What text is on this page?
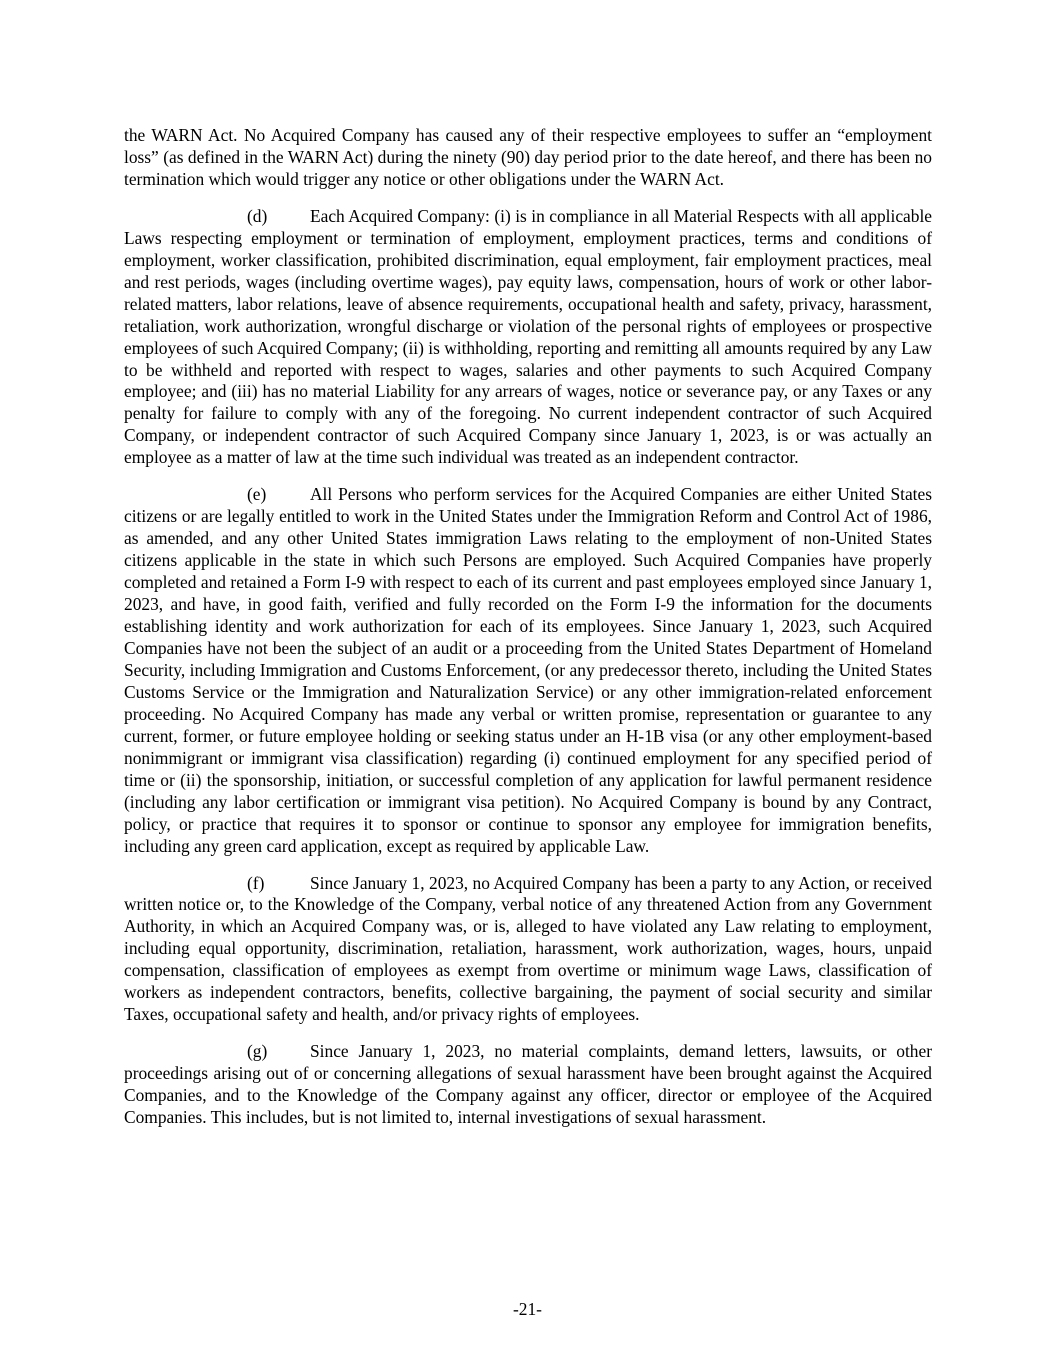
the WARN Act. No Acquired Company has caused any of their respective employees to suffer an “employment loss” (as defined in the WARN Act) during the ninety (90) day period prior to the date hereof, and there has been no termination which would trigger any notice or other obligations under the WARN Act.

(d) Each Acquired Company: (i) is in compliance in all Material Respects with all applicable Laws respecting employment or termination of employment, employment practices, terms and conditions of employment, worker classification, prohibited discrimination, equal employment, fair employment practices, meal and rest periods, wages (including overtime wages), pay equity laws, compensation, hours of work or other labor-related matters, labor relations, leave of absence requirements, occupational health and safety, privacy, harassment, retaliation, work authorization, wrongful discharge or violation of the personal rights of employees or prospective employees of such Acquired Company; (ii) is withholding, reporting and remitting all amounts required by any Law to be withheld and reported with respect to wages, salaries and other payments to such Acquired Company employee; and (iii) has no material Liability for any arrears of wages, notice or severance pay, or any Taxes or any penalty for failure to comply with any of the foregoing. No current independent contractor of such Acquired Company, or independent contractor of such Acquired Company since January 1, 2023, is or was actually an employee as a matter of law at the time such individual was treated as an independent contractor.

(e)	All Persons who perform services for the Acquired Companies are either United States citizens or are legally entitled to work in the United States under the Immigration Reform and Control Act of 1986, as amended, and any other United States immigration Laws relating to the employment of non-United States citizens applicable in the state in which such Persons are employed. Such Acquired Companies have properly completed and retained a Form I-9 with respect to each of its current and past employees employed since January 1, 2023, and have, in good faith, verified and fully recorded on the Form I-9 the information for the documents establishing identity and work authorization for each of its employees. Since January 1, 2023, such Acquired Companies have not been the subject of an audit or a proceeding from the United States Department of Homeland Security, including Immigration and Customs Enforcement, (or any predecessor thereto, including the United States Customs Service or the Immigration and Naturalization Service) or any other immigration-related enforcement proceeding. No Acquired Company has made any verbal or written promise, representation or guarantee to any current, former, or future employee holding or seeking status under an H-1B visa (or any other employment-based nonimmigrant or immigrant visa classification) regarding (i) continued employment for any specified period of time or (ii) the sponsorship, initiation, or successful completion of any application for lawful permanent residence (including any labor certification or immigrant visa petition). No Acquired Company is bound by any Contract, policy, or practice that requires it to sponsor or continue to sponsor any employee for immigration benefits, including any green card application, except as required by applicable Law.

(f)	Since January 1, 2023, no Acquired Company has been a party to any Action, or received written notice or, to the Knowledge of the Company, verbal notice of any threatened Action from any Government Authority, in which an Acquired Company was, or is, alleged to have violated any Law relating to employment, including equal opportunity, discrimination, retaliation, harassment, work authorization, wages, hours, unpaid compensation, classification of employees as exempt from overtime or minimum wage Laws, classification of workers as independent contractors, benefits, collective bargaining, the payment of social security and similar Taxes, occupational safety and health, and/or privacy rights of employees.

(g) Since January 1, 2023, no material complaints, demand letters, lawsuits, or other proceedings arising out of or concerning allegations of sexual harassment have been brought against the Acquired Companies, and to the Knowledge of the Company against any officer, director or employee of the Acquired Companies. This includes, but is not limited to, internal investigations of sexual harassment.

-21-
